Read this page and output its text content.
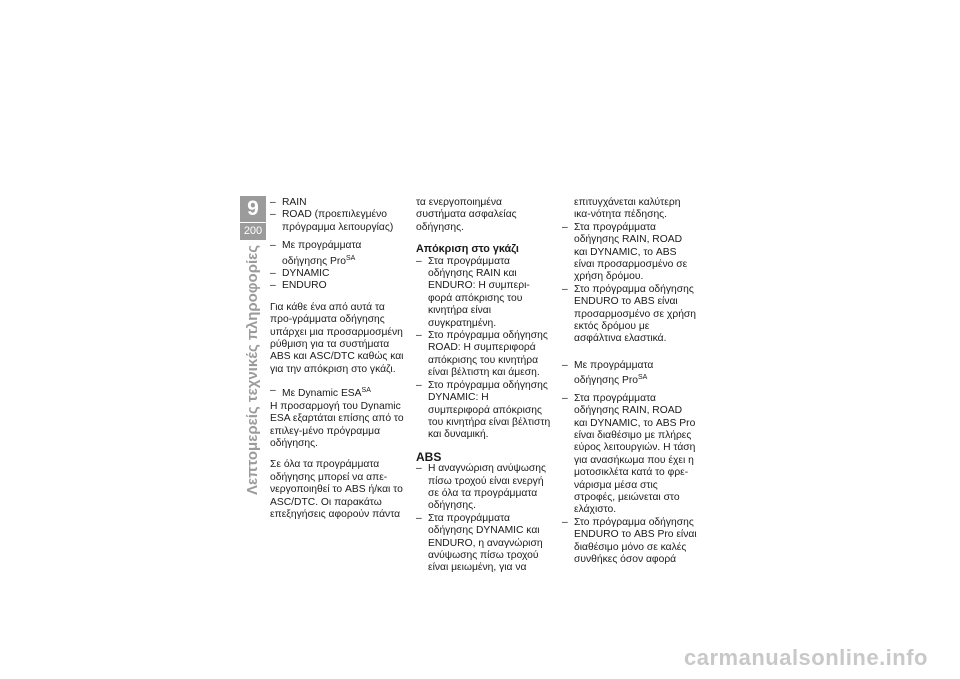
9
200
Λεπτομερείς τεχνικές πληροφορίες

– RAIN

– ROAD (προεπιλεγμένο πρόγραμμα λειτουργίας)

– Με προγράμματα οδήγησης Pro$^{SA}$

– DYNAMIC

– ENDURO

Για κάθε ένα από αυτά τα προ-γράμματα οδήγησης υπάρχει μια προσαρμοσμένη ρύθμιση για τα συστήματα ABS και ASC/DTC καθώς και για την απόκριση στο γκάζι.

– Με Dynamic $ESA^{SA}$

Η προσαρμογή του Dynamic ESA εξαρτάται επίσης από το επιλεγ-μένο πρόγραμμα οδήγησης.

Σε όλα τα προγράμματα οδήγησης μπορεί να απε-νεργοποιηθεί το ABS ή/και το ASC/DTC. Οι παρακάτω επεξηγήσεις αφορούν πάντα

τα ενεργοποιημένα συστήματα ασφαλείας οδήγησης.

Απόκριση στο γκάζι

– Στα προγράμματα οδήγησης RAIN και ENDURO: Η συμπερι-φορά απόκρισης του κινητήρα είναι συγκρατημένη.

– Στο πρόγραμμα οδήγησης ROAD: Η συμπεριφορά απόκρισης του κινητήρα είναι βέλτιστη και άμεση.

– Στο πρόγραμμα οδήγησης DYNAMIC: Η συμπεριφορά απόκρισης του κινητήρα είναι βέλτιστη και δυναμική.

ABS

– Η αναγνώριση ανύψωσης πίσω τροχού είναι ενεργή σε όλα τα προγράμματα οδήγησης.

– Στα προγράμματα οδήγησης DYNAMIC και ENDURO, η αναγνώριση ανύψωσης πίσω τροχού είναι μειωμένη, για να

επιτυγχάνεται καλύτερη ικα-νότητα πέδησης.

– Στα προγράμματα οδήγησης RAIN, ROAD και DYNAMIC, το ABS είναι προσαρμοσμένο σε χρήση δρόμου.

– Στο πρόγραμμα οδήγησης ENDURO το ABS είναι προσαρμοσμένο σε χρήση εκτός δρόμου με ασφάλτινα ελαστικά.

– Με προγράμματα οδήγησης Pro$^{SA}$

– Στα προγράμματα οδήγησης RAIN, ROAD και DYNAMIC, το ABS Pro είναι διαθέσιμο με πλήρες εύρος λειτουργιών. Η τάση για ανασήκωμα που έχει η μοτοσικλέτα κατά το φρε-νάρισμα μέσα στις στροφές, μειώνεται στο ελάχιστο.

– Στο πρόγραμμα οδήγησης ENDURO το ABS Pro είναι διαθέσιμο μόνο σε καλές συνθήκες όσον αφορά

carmanualsonline.info
